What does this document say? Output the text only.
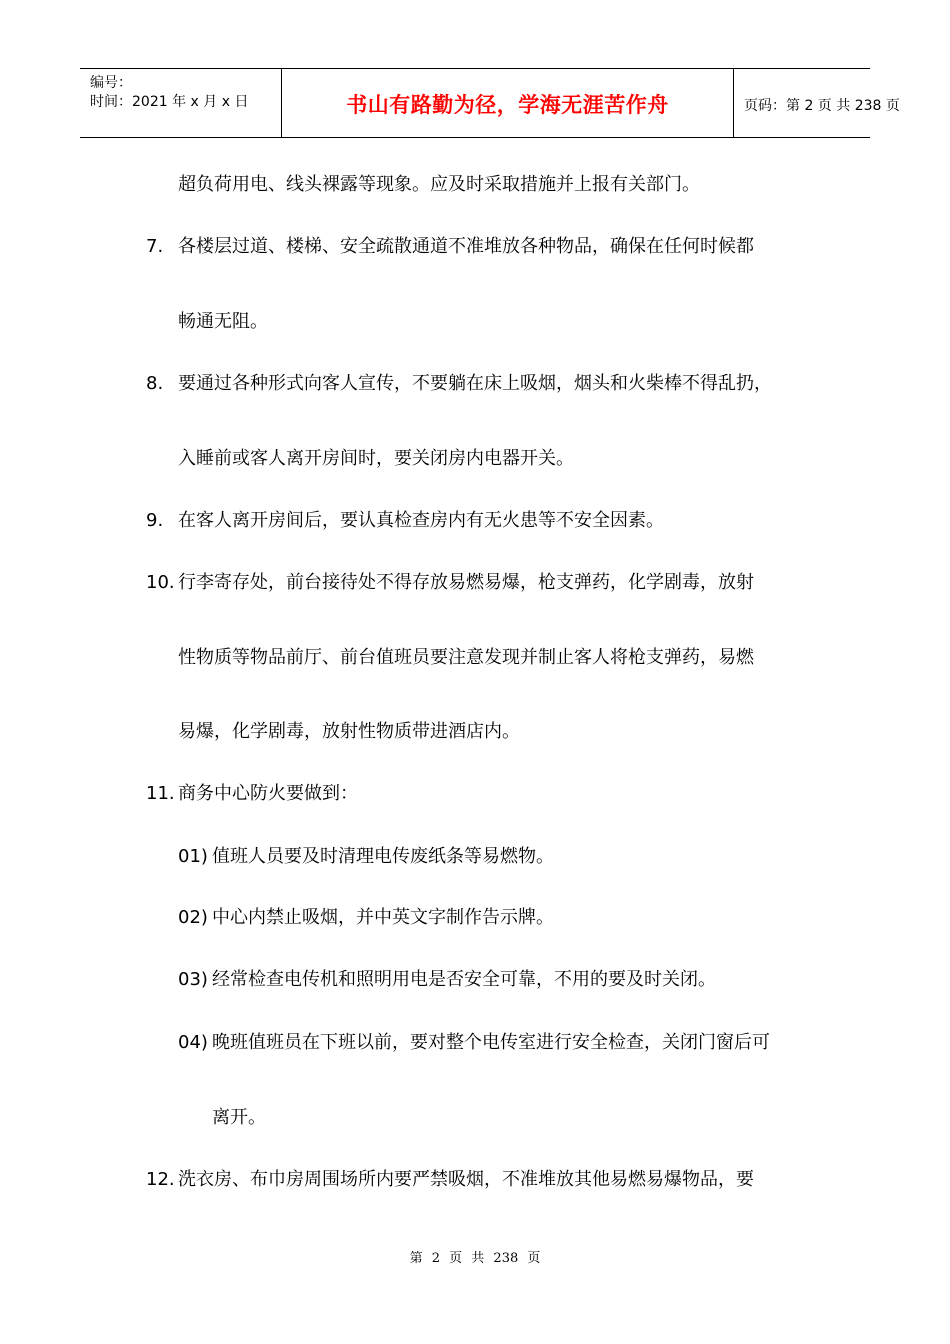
编号：
时间：2021 年 x 月 x 日	书山有路勤为径，学海无涯苦作舟	页码：第 2 页 共 238 页
超负荷用电、线头裸露等现象。应及时采取措施并上报有关部门。
7. 各楼层过道、楼梯、安全疏散通道不准堆放各种物品，确保在任何时候都
畅通无阻。
8. 要通过各种形式向客人宣传，不要躺在床上吸烟，烟头和火柴棒不得乱扔，
入睡前或客人离开房间时，要关闭房内电器开关。
9. 在客人离开房间后，要认真检查房内有无火患等不安全因素。
10. 行李寄存处，前台接待处不得存放易燃易爆，枪支弹药，化学剧毒，放射
性物质等物品前厅、前台值班员要注意发现并制止客人将枪支弹药，易燃
易爆，化学剧毒，放射性物质带进酒店内。
11. 商务中心防火要做到：
01) 值班人员要及时清理电传废纸条等易燃物。
02) 中心内禁止吸烟，并中英文字制作告示牌。
03) 经常检查电传机和照明用电是否安全可靠，不用的要及时关闭。
04) 晚班值班员在下班以前，要对整个电传室进行安全检查，关闭门窗后可
离开。
12. 洗衣房、布巾房周围场所内要严禁吸烟，不准堆放其他易燃易爆物品，要
第 2 页 共 238 页
